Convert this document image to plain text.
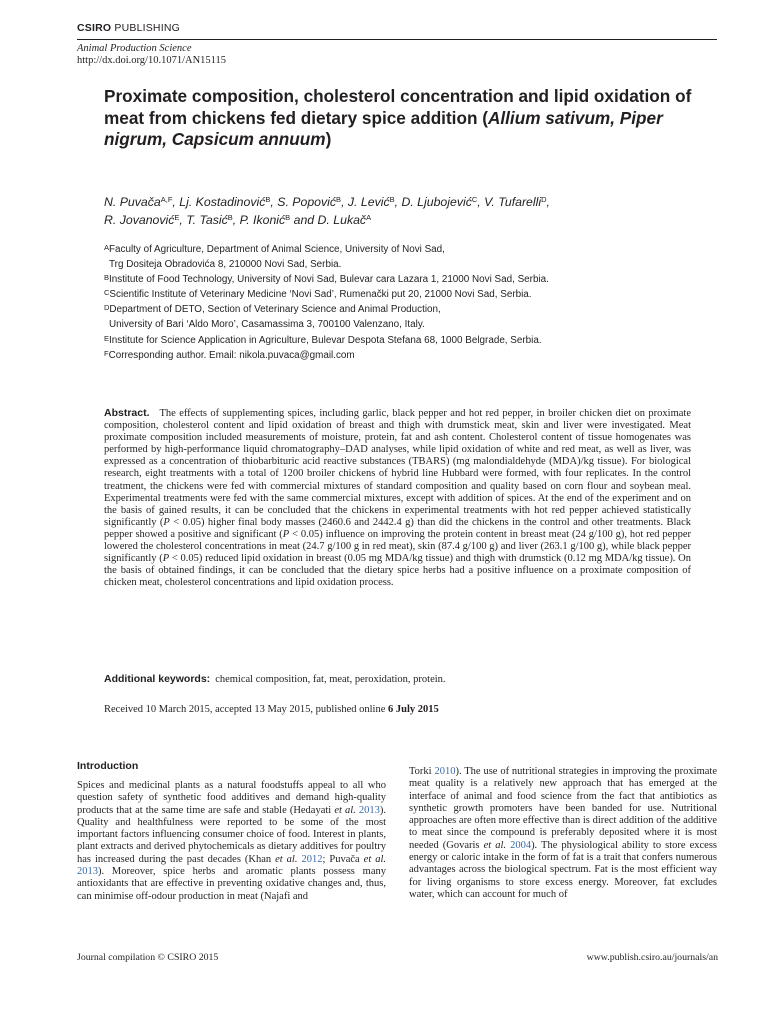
CSIRO PUBLISHING
Animal Production Science
http://dx.doi.org/10.1071/AN15115
Proximate composition, cholesterol concentration and lipid oxidation of meat from chickens fed dietary spice addition (Allium sativum, Piper nigrum, Capsicum annuum)
N. Puvača$^{A,F}$, Lj. Kostadinović$^B$, S. Popović$^B$, J. Lević$^B$, D. Ljubojević$^C$, V. Tufarelli$^D$,
R. Jovanović$^E$, T. Tasić$^B$, P. Ikonić$^B$ and D. Lukač$^A$
$^A$Faculty of Agriculture, Department of Animal Science, University of Novi Sad,
Trg Dositeja Obradovića 8, 210000 Novi Sad, Serbia.
$^B$Institute of Food Technology, University of Novi Sad, Bulevar cara Lazara 1, 21000 Novi Sad, Serbia.
$^C$Scientific Institute of Veterinary Medicine ‘Novi Sad’, Rumenački put 20, 21000 Novi Sad, Serbia.
$^D$Department of DETO, Section of Veterinary Science and Animal Production,
University of Bari ‘Aldo Moro’, Casamassima 3, 700100 Valenzano, Italy.
$^E$Institute for Science Application in Agriculture, Bulevar Despota Stefana 68, 1000 Belgrade, Serbia.
$^F$Corresponding author. Email: nikola.puvaca@gmail.com
Abstract. The effects of supplementing spices, including garlic, black pepper and hot red pepper, in broiler chicken diet on proximate composition, cholesterol content and lipid oxidation of breast and thigh with drumstick meat, skin and liver were investigated. Meat proximate composition included measurements of moisture, protein, fat and ash content. Cholesterol content of tissue homogenates was performed by high-performance liquid chromatography–DAD analyses, while lipid oxidation of white and red meat, as well as liver, was expressed as a concentration of thiobarbituric acid reactive substances (TBARS) (mg malondialdehyde (MDA)/kg tissue). For biological research, eight treatments with a total of 1200 broiler chickens of hybrid line Hubbard were formed, with four replicates. In the control treatment, the chickens were fed with commercial mixtures of standard composition and quality based on corn flour and soybean meal. Experimental treatments were fed with the same commercial mixtures, except with addition of spices. At the end of the experiment and on the basis of gained results, it can be concluded that the chickens in experimental treatments with hot red pepper achieved statistically significantly (P < 0.05) higher final body masses (2460.6 and 2442.4 g) than did the chickens in the control and other treatments. Black pepper showed a positive and significant (P < 0.05) influence on improving the protein content in breast meat (24 g/100 g), hot red pepper lowered the cholesterol concentrations in meat (24.7 g/100 g in red meat), skin (87.4 g/100 g) and liver (263.1 g/100 g), while black pepper significantly (P < 0.05) reduced lipid oxidation in breast (0.05 mg MDA/kg tissue) and thigh with drumstick (0.12 mg MDA/kg tissue). On the basis of obtained findings, it can be concluded that the dietary spice herbs had a positive influence on a proximate composition of chicken meat, cholesterol concentrations and lipid oxidation process.
Additional keywords: chemical composition, fat, meat, peroxidation, protein.
Received 10 March 2015, accepted 13 May 2015, published online 6 July 2015
Introduction
Spices and medicinal plants as a natural foodstuffs appeal to all who question safety of synthetic food additives and demand high-quality products that at the same time are safe and stable (Hedayati et al. 2013). Quality and healthfulness were reported to be some of the most important factors influencing consumer choice of food. Interest in plants, plant extracts and derived phytochemicals as dietary additives for poultry has increased during the past decades (Khan et al. 2012; Puvača et al. 2013). Moreover, spice herbs and aromatic plants possess many antioxidants that are effective in preventing oxidative changes and, thus, can minimise off-odour production in meat (Najafi and
Torki 2010). The use of nutritional strategies in improving the proximate meat quality is a relatively new approach that has emerged at the interface of animal and food science from the fact that antibiotics as synthetic growth promoters have been banded for use. Nutritional approaches are often more effective than is direct addition of the additive to meat since the compound is preferably deposited where it is most needed (Govaris et al. 2004). The physiological ability to store excess energy or caloric intake in the form of fat is a trait that confers numerous advantages across the biological spectrum. Fat is the most efficient way for living organisms to store excess energy. Moreover, fat excludes water, which can account for much of
Journal compilation © CSIRO 2015	www.publish.csiro.au/journals/an
